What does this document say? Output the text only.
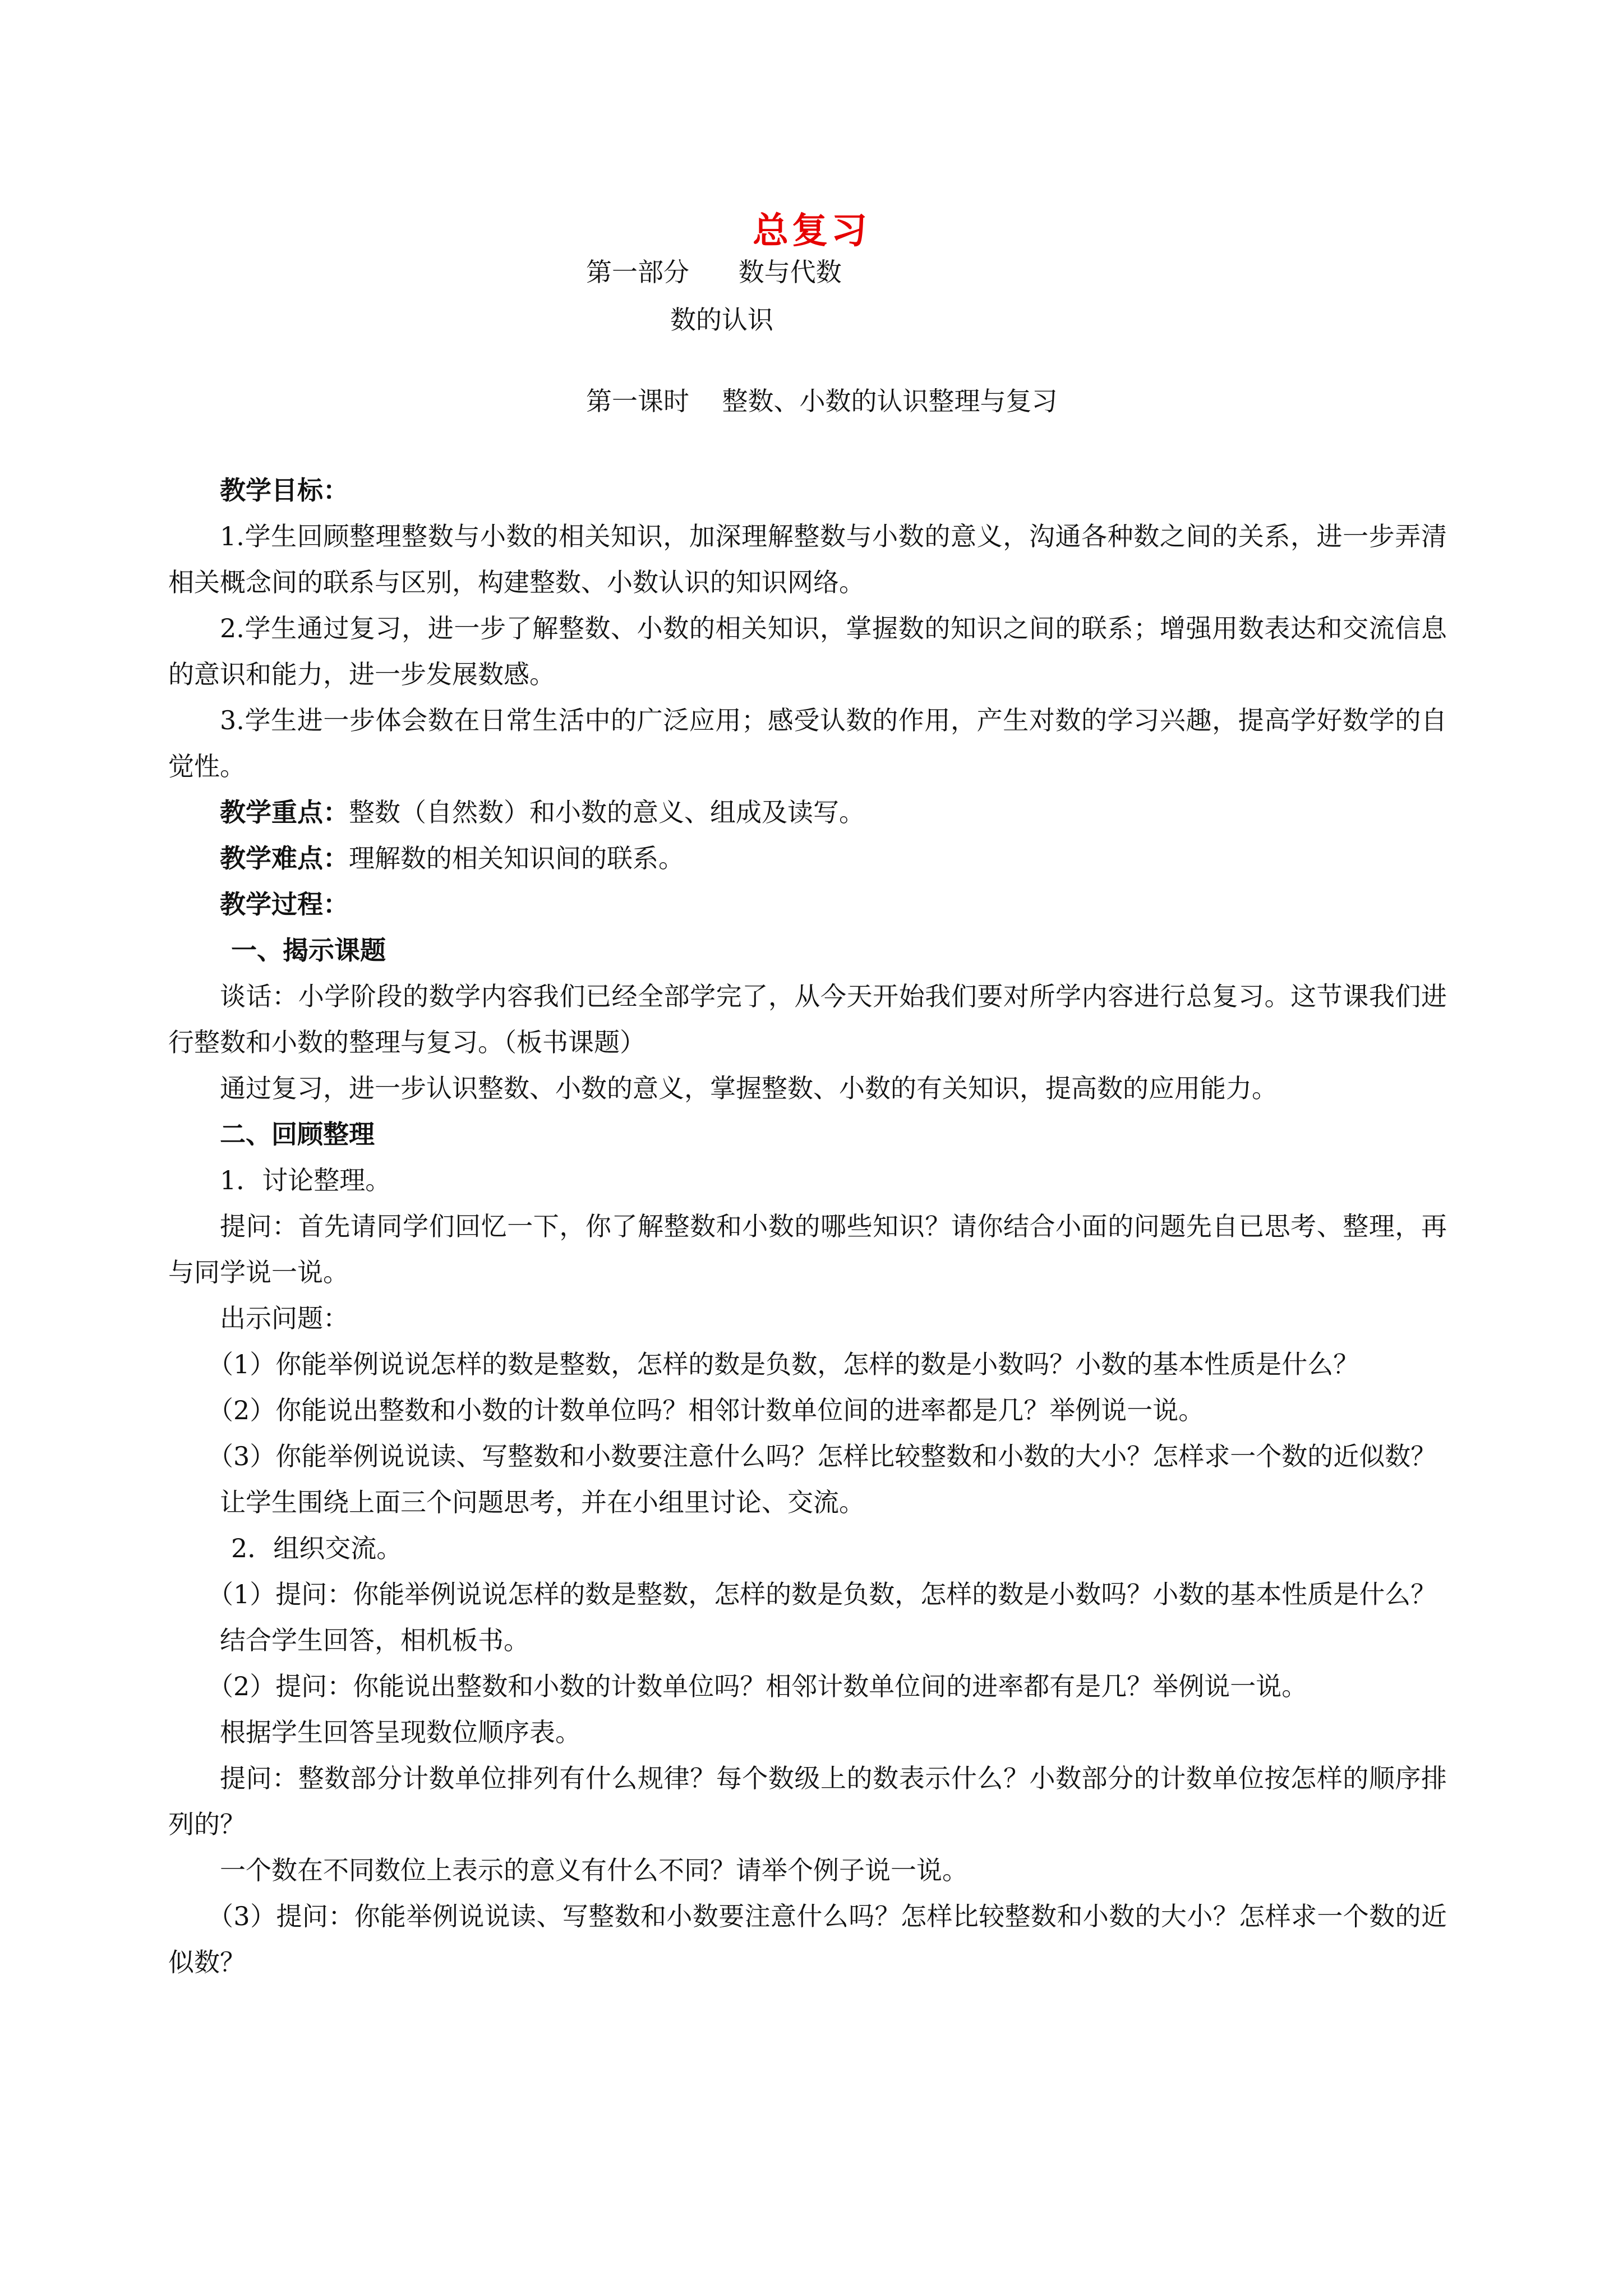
总复习
第一部分      数与代数
数的认识
第一课时    整数、小数的认识整理与复习

教学目标：

1.学生回顾整理整数与小数的相关知识，加深理解整数与小数的意义，沟通各种数之间的关系，进一步弄清相关概念间的联系与区别，构建整数、小数认识的知识网络。

2.学生通过复习，进一步了解整数、小数的相关知识，掌握数的知识之间的联系；增强用数表达和交流信息的意识和能力，进一步发展数感。

3.学生进一步体会数在日常生活中的广泛应用；感受认数的作用，产生对数的学习兴趣，提高学好数学的自觉性。

教学重点：整数（自然数）和小数的意义、组成及读写。

教学难点：理解数的相关知识间的联系。

教学过程：

一、揭示课题

谈话：小学阶段的数学内容我们已经全部学完了，从今天开始我们要对所学内容进行总复习。这节课我们进行整数和小数的整理与复习。（板书课题）

通过复习，进一步认识整数、小数的意义，掌握整数、小数的有关知识，提高数的应用能力。

二、回顾整理

1．讨论整理。

提问：首先请同学们回忆一下，你了解整数和小数的哪些知识？请你结合小面的问题先自已思考、整理，再与同学说一说。

出示问题：

（1）你能举例说说怎样的数是整数，怎样的数是负数，怎样的数是小数吗？小数的基本性质是什么？

（2）你能说出整数和小数的计数单位吗？相邻计数单位间的进率都是几？举例说一说。

（3）你能举例说说读、写整数和小数要注意什么吗？怎样比较整数和小数的大小？怎样求一个数的近似数？

让学生围绕上面三个问题思考，并在小组里讨论、交流。

2．组织交流。

（1）提问：你能举例说说怎样的数是整数，怎样的数是负数，怎样的数是小数吗？小数的基本性质是什么？

结合学生回答，相机板书。

（2）提问：你能说出整数和小数的计数单位吗？相邻计数单位间的进率都有是几？举例说一说。

根据学生回答呈现数位顺序表。

提问：整数部分计数单位排列有什么规律？每个数级上的数表示什么？小数部分的计数单位按怎样的顺序排列的？

一个数在不同数位上表示的意义有什么不同？请举个例子说一说。

（3）提问：你能举例说说读、写整数和小数要注意什么吗？怎样比较整数和小数的大小？怎样求一个数的近似数？
